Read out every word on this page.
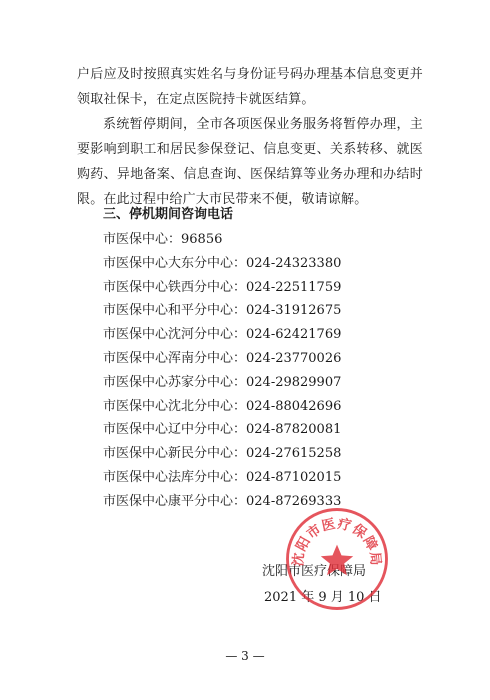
户后应及时按照真实姓名与身份证号码办理基本信息变更并领取社保卡，在定点医院持卡就医结算。

系统暂停期间，全市各项医保业务服务将暂停办理，主要影响到职工和居民参保登记、信息变更、关系转移、就医购药、异地备案、信息查询、医保结算等业务办理和办结时限。在此过程中给广大市民带来不便，敬请谅解。

三、停机期间咨询电话
市医保中心：96856
市医保中心大东分中心：024-24323380
市医保中心铁西分中心：024-22511759
市医保中心和平分中心：024-31912675
市医保中心沈河分中心：024-62421769
市医保中心浑南分中心：024-23770026
市医保中心苏家分中心：024-29829907
市医保中心沈北分中心：024-88042696
市医保中心辽中分中心：024-87820081
市医保中心新民分中心：024-27615258
市医保中心法库分中心：024-87102015
市医保中心康平分中心：024-87269333

沈阳市医疗保障局

2021 年 9 月 10 日

沈阳市医疗保障局
— 3 —
